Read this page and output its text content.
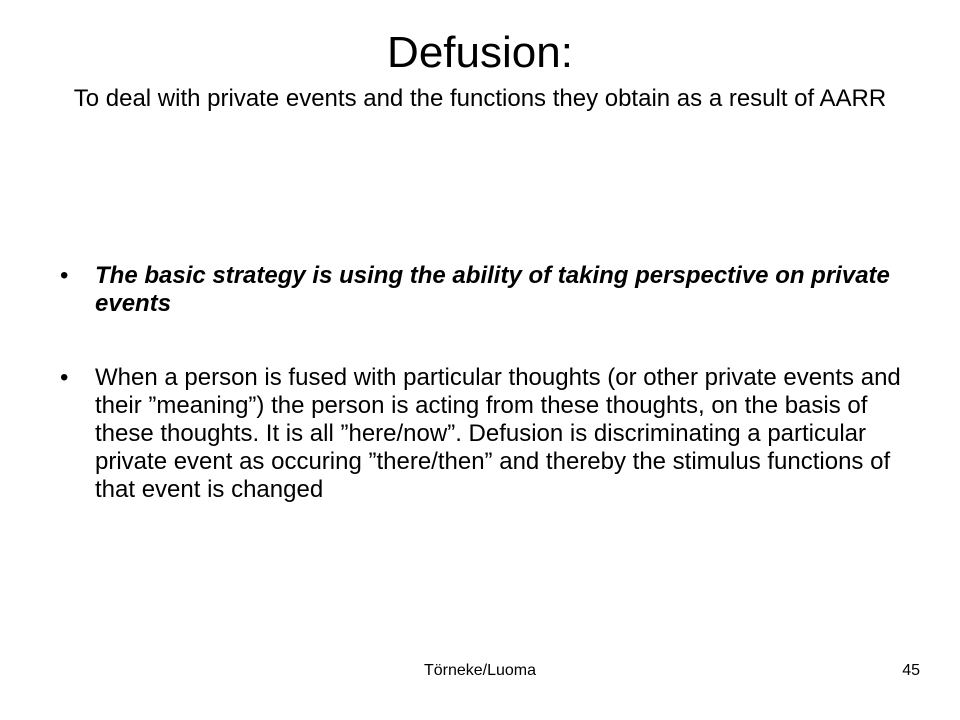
Defusion:
To deal with private events and the functions they obtain as a result of AARR
• The basic strategy is using the ability of taking perspective on private events
• When a person is fused with particular thoughts (or other private events and their ”meaning”) the person is acting from these thoughts, on the basis of these thoughts. It is all ”here/now”. Defusion is discriminating a particular private event as occuring ”there/then” and thereby the stimulus functions of that event is changed
Törneke/Luoma	45
